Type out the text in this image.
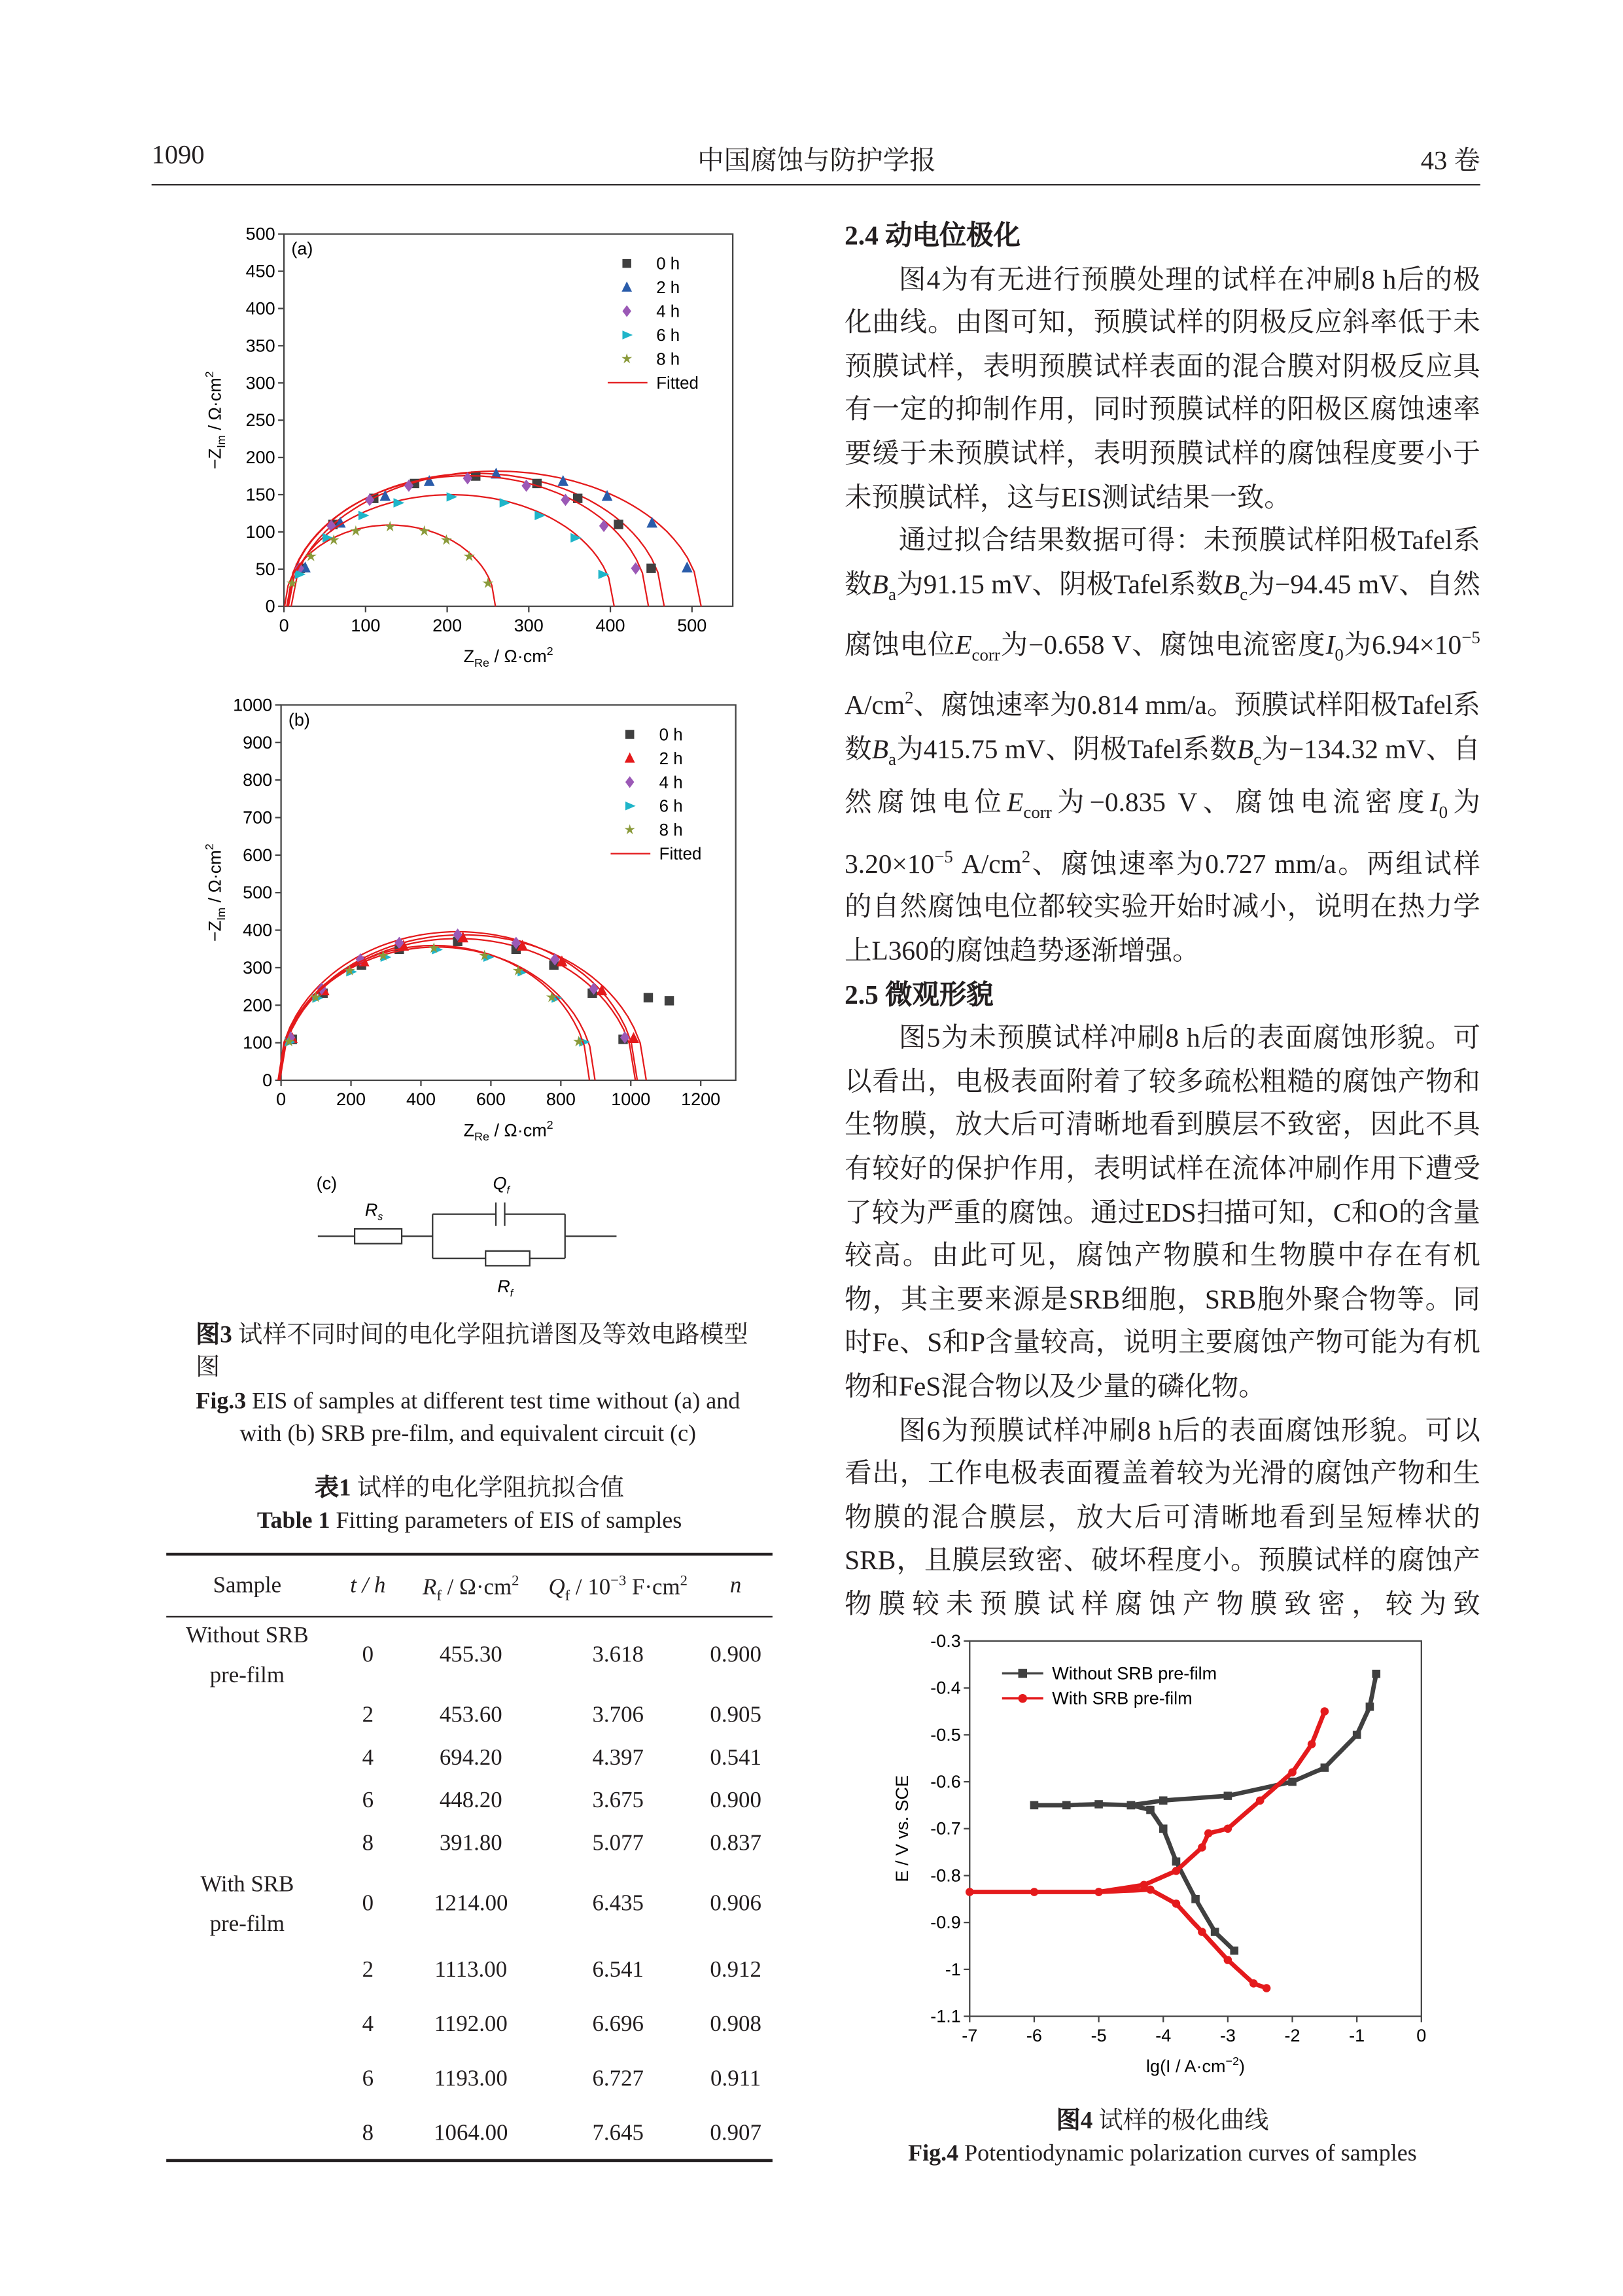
1090	中国腐蚀与防护学报	43 卷
0	100	200	300	400	500
0
50
100
150
200
250
300
350
400
450
500
(a)
$Z_{Re} / \Omega\cdot cm^2$
$-Z_{Im} / \Omega\cdot cm^2$
0 h
2 h
4 h
6 h
8 h
Fitted
0	200	400	600	800	1000	1200
0
100
200
300
400
500
600
700
800
900
1000
(b)
$Z_{Re} / \Omega\cdot cm^2$
$-Z_{Im} / \Omega\cdot cm^2$
0 h
2 h
4 h
6 h
8 h
Fitted
(c)
$R_s$
$Q_f$
$R_f$
图3 试样不同时间的电化学阻抗谱图及等效电路模型图
Fig.3 EIS of samples at different test time without (a) and with (b) SRB pre-film, and equivalent circuit (c)
表1 试样的电化学阻抗拟合值
Table 1 Fitting parameters of EIS of samples
Sample	t / h	$R_f / \Omega\cdot cm^2$	$Q_f / 10^{-3}$ $F\cdot cm^2$	n
Without SRB
pre-film
0	455.30	3.618	0.900
2	453.60	3.706	0.905
4	694.20	4.397	0.541
6	448.20	3.675	0.900
8	391.80	5.077	0.837
With SRB
pre-film
0	1214.00	6.435	0.906
2	1113.00	6.541	0.912
4	1192.00	6.696	0.908
6	1193.00	6.727	0.911
8	1064.00	7.645	0.907
2.4 动电位极化

图4为有无进行预膜处理的试样在冲刷8 h后的极化曲线。由图可知，预膜试样的阴极反应斜率低于未预膜试样，表明预膜试样表面的混合膜对阴极反应具有一定的抑制作用，同时预膜试样的阳极区腐蚀速率要缓于未预膜试样，表明预膜试样的腐蚀程度要小于未预膜试样，这与EIS测试结果一致。

通过拟合结果数据可得：未预膜试样阳极Tafel系数$B_a$为91.15 mV、阴极Tafel系数$B_c$为−94.45 mV、自然腐蚀电位$E_{corr}$为−0.658 V、腐蚀电流密度$I_0$为$6.94\times 10^{-5}$ $A/cm^2$、腐蚀速率为0.814 mm/a。预膜试样阳极Tafel系数$B_a$为415.75 mV、阴极Tafel系数$B_c$为−134.32 mV、自然腐蚀电位$E_{corr}$为−0.835 V、腐蚀电流密度$I_0$为$3.20\times 10^{-5}$ $A/cm^2$、腐蚀速率为0.727 mm/a。两组试样的自然腐蚀电位都较实验开始时减小，说明在热力学上L360的腐蚀趋势逐渐增强。

2.5 微观形貌

图5为未预膜试样冲刷8 h后的表面腐蚀形貌。可以看出，电极表面附着了较多疏松粗糙的腐蚀产物和生物膜，放大后可清晰地看到膜层不致密，因此不具有较好的保护作用，表明试样在流体冲刷作用下遭受了较为严重的腐蚀。通过EDS扫描可知，C和O的含量较高。由此可见，腐蚀产物膜和生物膜中存在有机物，其主要来源是SRB细胞，SRB胞外聚合物等。同时Fe、S和P含量较高，说明主要腐蚀产物可能为有机物和FeS混合物以及少量的磷化物。

图6为预膜试样冲刷8 h后的表面腐蚀形貌。可以看出，工作电极表面覆盖着较为光滑的腐蚀产物和生物膜的混合膜层，放大后可清晰地看到呈短棒状的SRB，且膜层致密、破坏程度小。预膜试样的腐蚀产物膜较未预膜试样腐蚀产物膜致密，较为致

-7	-6	-5	-4	-3	-2	-1	0
-0.3
-0.4
-0.5
-0.6
-0.7
-0.8
-0.9
-1
-1.1
$\lg(I / A\cdot cm^{-2})$
E / V vs. SCE
Without SRB pre-film
With SRB pre-film
图4 试样的极化曲线
Fig.4 Potentiodynamic polarization curves of samples
